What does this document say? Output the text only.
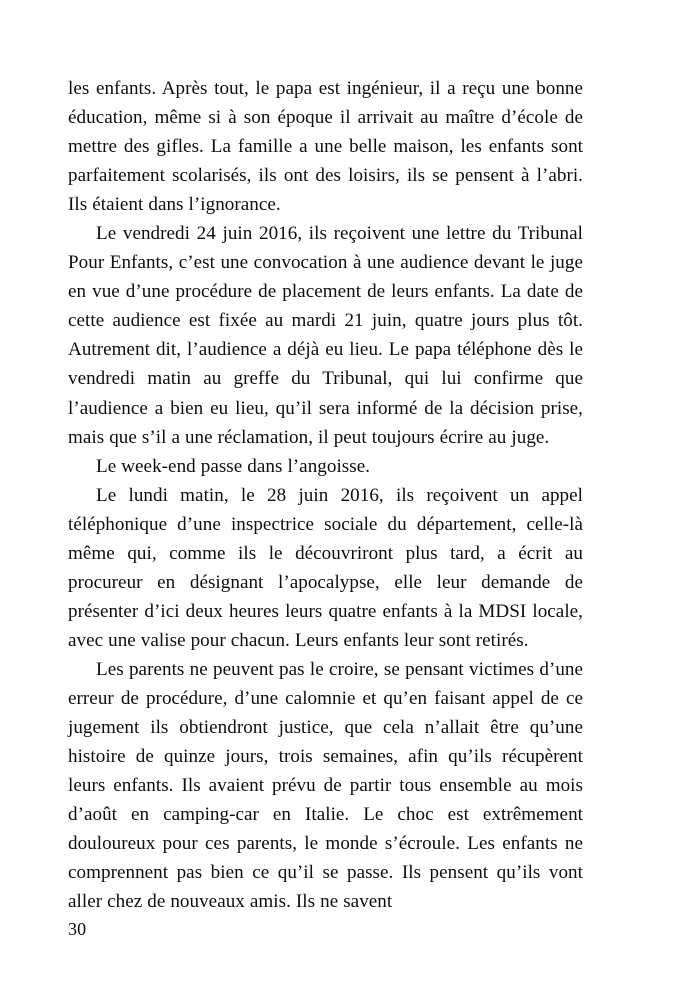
les enfants. Après tout, le papa est ingénieur, il a reçu une bonne éducation, même si à son époque il arrivait au maître d’école de mettre des gifles. La famille a une belle maison, les enfants sont parfaitement scolarisés, ils ont des loisirs, ils se pensent à l’abri. Ils étaient dans l’ignorance.

Le vendredi 24 juin 2016, ils reçoivent une lettre du Tribunal Pour Enfants, c’est une convocation à une audience devant le juge en vue d’une procédure de placement de leurs enfants. La date de cette audience est fixée au mardi 21 juin, quatre jours plus tôt. Autrement dit, l’audience a déjà eu lieu. Le papa téléphone dès le vendredi matin au greffe du Tribunal, qui lui confirme que l’audience a bien eu lieu, qu’il sera informé de la décision prise, mais que s’il a une réclamation, il peut toujours écrire au juge.

Le week-end passe dans l’angoisse.

Le lundi matin, le 28 juin 2016, ils reçoivent un appel téléphonique d’une inspectrice sociale du département, celle-là même qui, comme ils le découvriront plus tard, a écrit au procureur en désignant l’apocalypse, elle leur demande de présenter d’ici deux heures leurs quatre enfants à la MDSI locale, avec une valise pour chacun. Leurs enfants leur sont retirés.

Les parents ne peuvent pas le croire, se pensant victimes d’une erreur de procédure, d’une calomnie et qu’en faisant appel de ce jugement ils obtiendront justice, que cela n’allait être qu’une histoire de quinze jours, trois semaines, afin qu’ils récupèrent leurs enfants. Ils avaient prévu de partir tous ensemble au mois d’août en camping-car en Italie. Le choc est extrêmement douloureux pour ces parents, le monde s’écroule. Les enfants ne comprennent pas bien ce qu’il se passe. Ils pensent qu’ils vont aller chez de nouveaux amis. Ils ne savent

30
